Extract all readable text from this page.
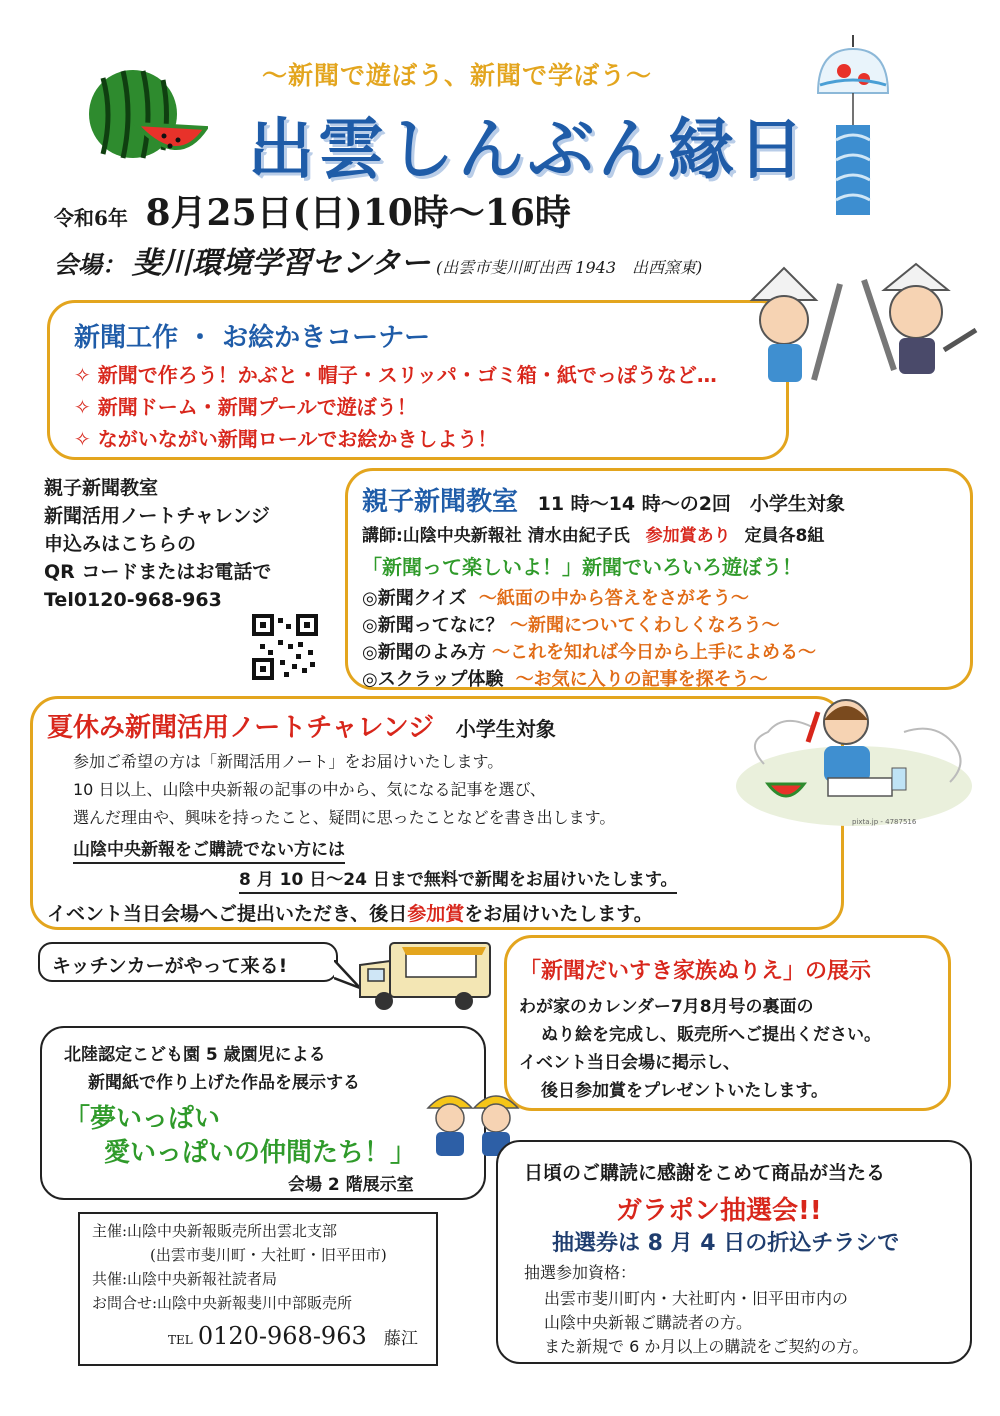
〜新聞で遊ぼう、新聞で学ぼう〜
出雲しんぶん縁日
令和6年 8月25日(日)10時〜16時
会場： 斐川環境学習センター (出雲市斐川町出西 1943　出西窯東)
新聞工作 ・ お絵かきコーナー
✧ 新聞で作ろう！かぶと・帽子・スリッパ・ゴミ箱・紙でっぽうなど…
✧ 新聞ドーム・新聞プールで遊ぼう！
✧ ながいながい新聞ロールでお絵かきしよう！
親子新聞教室
新聞活用ノートチャレンジ
申込みはこちらの
QR コードまたはお電話で
Tel0120-968-963
親子新聞教室 11 時〜14 時〜の2回　小学生対象
講師:山陰中央新報社 清水由紀子氏 参加賞あり 定員各8組
「新聞って楽しいよ！」新聞でいろいろ遊ぼう！
◎新聞クイズ 〜紙面の中から答えをさがそう〜
◎新聞ってなに？ 〜新聞についてくわしくなろう〜
◎新聞のよみ方 〜これを知れば今日から上手によめる〜
◎スクラップ体験 〜お気に入りの記事を探そう〜
夏休み新聞活用ノートチャレンジ 小学生対象
参加ご希望の方は「新聞活用ノート」をお届けいたします。
10 日以上、山陰中央新報の記事の中から、気になる記事を選び、
選んだ理由や、興味を持ったこと、疑問に思ったことなどを書き出します。
山陰中央新報をご購読でない方には
8 月 10 日〜24 日まで無料で新聞をお届けいたします。
イベント当日会場へご提出いただき、後日参加賞をお届けいたします。
pixta.jp - 4787516
キッチンカーがやって来る!	「新聞だいすき家族ぬりえ」の展示
わが家のカレンダー7月8月号の裏面の
ぬり絵を完成し、販売所へご提出ください。
イベント当日会場に掲示し、
後日参加賞をプレゼントいたします。
北陸認定こども園 5 歳園児による
新聞紙で作り上げた作品を展示する
「夢いっぱい
愛いっぱいの仲間たち！」
会場 2 階展示室
日頃のご購読に感謝をこめて商品が当たる
ガラポン抽選会!!
抽選券は 8 月 4 日の折込チラシで
抽選参加資格：
出雲市斐川町内・大社町内・旧平田市内の
山陰中央新報ご購読者の方。
また新規で 6 か月以上の購読をご契約の方。
主催:山陰中央新報販売所出雲北支部
(出雲市斐川町・大社町・旧平田市)
共催:山陰中央新報社読者局
お問合せ:山陰中央新報斐川中部販売所
TEL 0120-968-963 藤江
